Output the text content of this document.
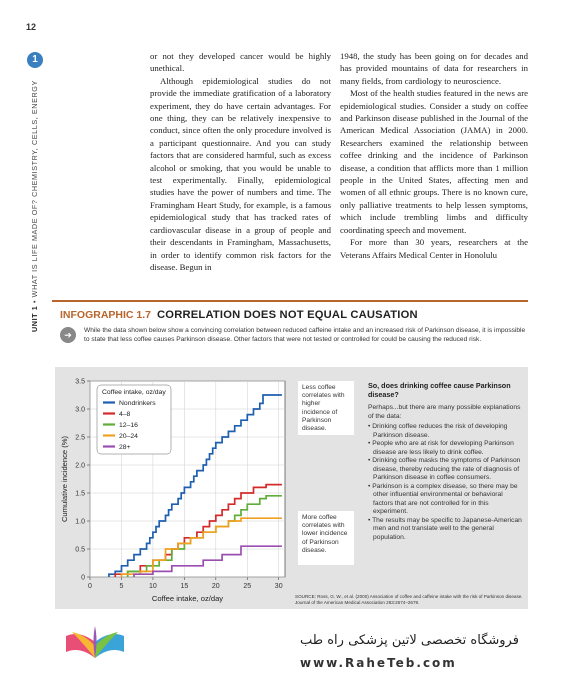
12
1
UNIT 1 • WHAT IS LIFE MADE OF? CHEMISTRY, CELLS, ENERGY

or not they developed cancer would be highly unethical.

Although epidemiological studies do not provide the immediate gratification of a laboratory experiment, they do have certain advantages. For one thing, they can be relatively inexpensive to conduct, since often the only procedure involved is a participant questionnaire. And you can study factors that are considered harmful, such as excess alcohol or smoking, that you would be unable to test experimentally. Finally, epidemiological studies have the power of numbers and time. The Framingham Heart Study, for example, is a famous epidemiological study that has tracked rates of cardiovascular disease in a group of people and their descendants in Framingham, Massachusetts, in order to identify common risk factors for the disease. Begun in

1948, the study has been going on for decades and has provided mountains of data for researchers in many fields, from cardiology to neuroscience.

Most of the health studies featured in the news are epidemiological studies. Consider a study on coffee and Parkinson disease published in the Journal of the American Medical Association (JAMA) in 2000. Researchers examined the relationship between coffee drinking and the incidence of Parkinson disease, a condition that afflicts more than 1 million people in the United States, affecting men and women of all ethnic groups. There is no known cure, only palliative treatments to help lessen symptoms, which include trembling limbs and difficulty coordinating speech and movement.

For more than 30 years, researchers at the Veterans Affairs Medical Center in Honolulu

INFOGRAPHIC 1.7 CORRELATION DOES NOT EQUAL CAUSATION
➔	While the data shown below show a convincing correlation between reduced caffeine intake and an increased risk of Parkinson disease, it is impossible to state that less coffee causes Parkinson disease. Other factors that were not tested or controlled for could be causing the reduced risk.
0	5	10	15	20	25	30
0
0.5
1.0
1.5
2.0
2.5
3.0
3.5
Coffee intake, oz/day
Cumulative incidence (%)
Coffee intake, oz/day
Nondrinkers
4–8
12–16
20–24
28+
Less coffee correlates with higher incidence of Parkinson disease.
More coffee correlates with lower incidence of Parkinson disease.
So, does drinking coffee cause Parkinson disease?
Perhaps...but there are many possible explanations of the data:
• Drinking coffee reduces the risk of developing Parkinson disease.
• People who are at risk for developing Parkinson disease are less likely to drink coffee.
• Drinking coffee masks the symptoms of Parkinson disease, thereby reducing the rate of diagnosis of Parkinson disease in coffee consumers.
• Parkinson is a complex disease, so there may be other influential environmental or behavioral factors that are not controlled for in this experiment.
• The results may be specific to Japanese-American men and not translate well to the general population.
SOURCE: Ross, G. W., et al. (2000) Association of coffee and caffeine intake with the risk of Parkinson disease. Journal of the American Medical Association 283:2674–2679.
فروشگاه تخصصی لاتین پزشکی راه طب
www.RaheTeb.com
